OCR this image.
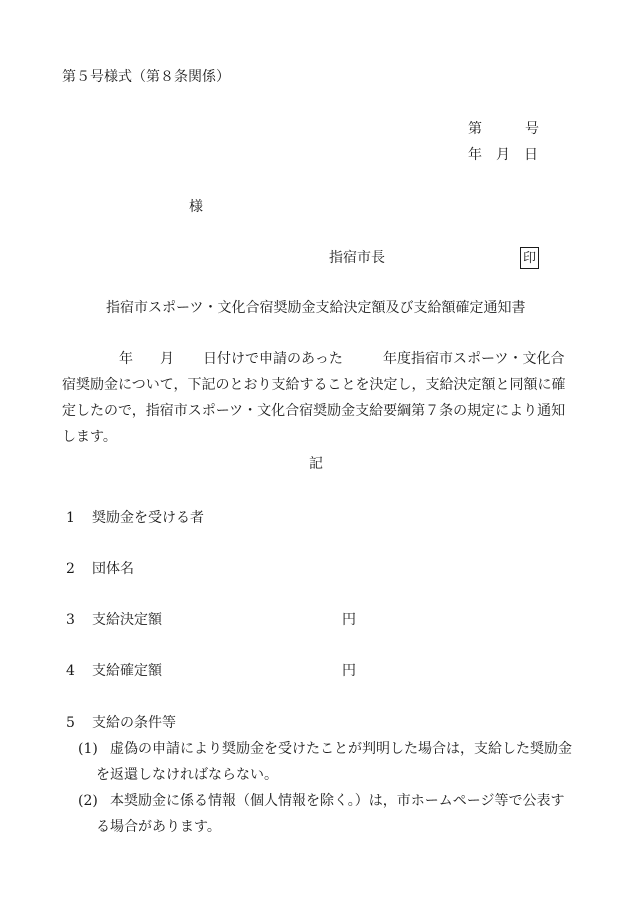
第５号様式（第８条関係）
第	号
年 月 日
様
指宿市長	印
指宿市スポーツ・文化合宿奨励金支給決定額及び支給額確定通知書
年 月 日付けで申請のあった	年度指宿市スポーツ・文化合
宿奨励金について，下記のとおり支給することを決定し，支給決定額と同額に確
定したので，指宿市スポーツ・文化合宿奨励金支給要綱第７条の規定により通知
します。
記
1 奨励金を受ける者
2 団体名
3 支給決定額	円
4 支給確定額	円
5 支給の条件等
(1) 虚偽の申請により奨励金を受けたことが判明した場合は，支給した奨励金
を返還しなければならない。
(2) 本奨励金に係る情報（個人情報を除く。）は，市ホームページ等で公表す
る場合があります。
